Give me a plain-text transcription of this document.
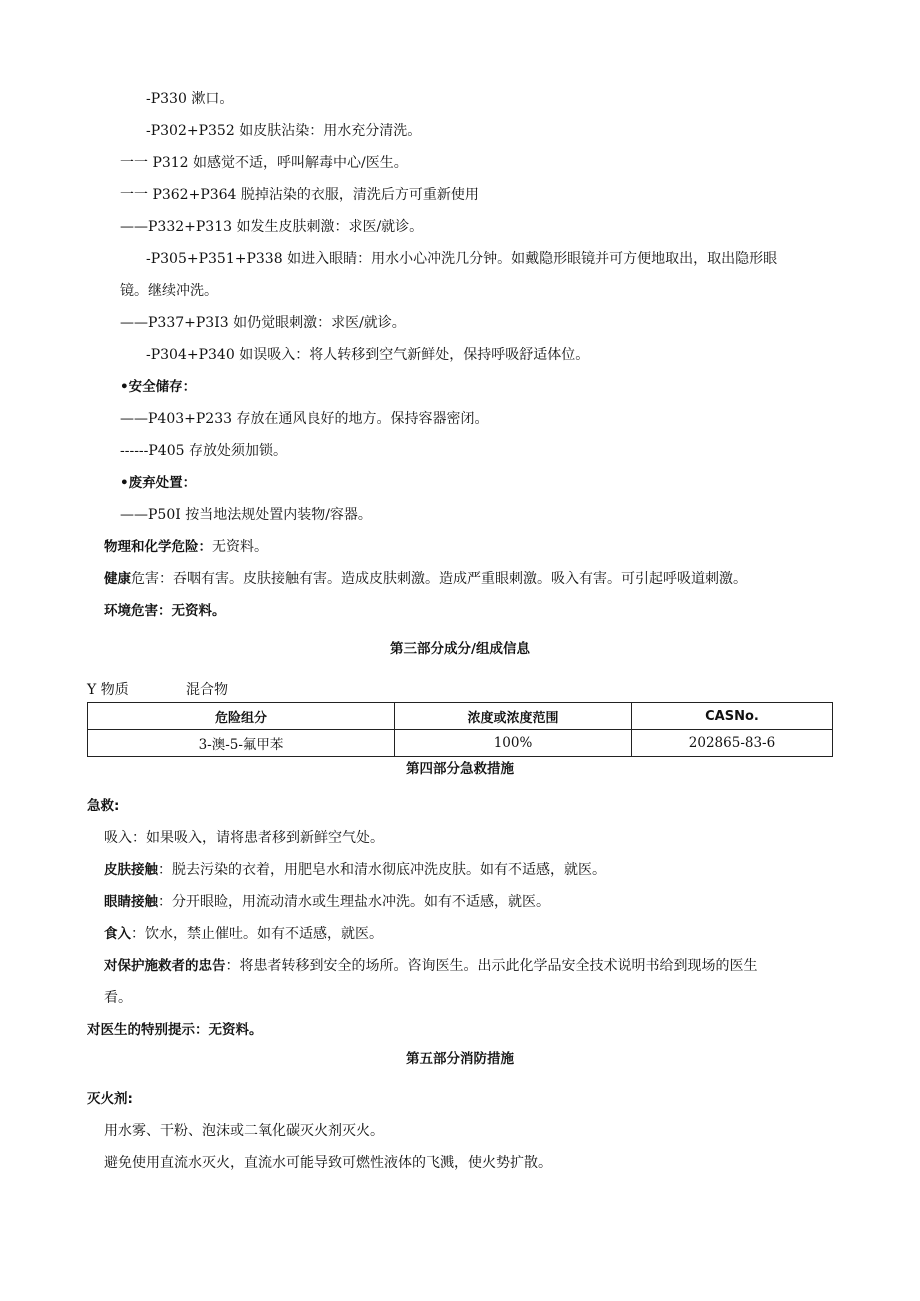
-P330 漱口。
-P302+P352 如皮肤沾染：用水充分清洗。
一一 P312 如感觉不适，呼叫解毒中心/医生。
一一 P362+P364 脱掉沾染的衣服，清洗后方可重新使用
——P332+P313 如发生皮肤刺激：求医/就诊。
-P305+P351+P338 如进入眼睛：用水小心冲洗几分钟。如戴隐形眼镜并可方便地取出，取出隐形眼
镜。继续冲洗。
——P337+P3I3 如仍觉眼刺激：求医/就诊。
-P304+P340 如误吸入：将人转移到空气新鲜处，保持呼吸舒适体位。
•安全储存：
——P403+P233 存放在通风良好的地方。保持容器密闭。
------P405 存放处须加锁。
•废弃处置：
——P50I 按当地法规处置内装物/容器。
物理和化学危险：无资料。
健康危害：吞咽有害。皮肤接触有害。造成皮肤刺激。造成严重眼刺激。吸入有害。可引起呼吸道刺激。
环境危害：无资料。
第三部分成分/组成信息
Y 物质	混合物
危险组分	浓度或浓度范围	CASNo.
3-澳-5-氟甲苯	100%	202865-83-6
第四部分急救措施
急救:
吸入：如果吸入，请将患者移到新鲜空气处。
皮肤接触：脱去污染的衣着，用肥皂水和清水彻底冲洗皮肤。如有不适感，就医。
眼睛接触：分开眼睑，用流动清水或生理盐水冲洗。如有不适感，就医。
食入：饮水，禁止催吐。如有不适感，就医。
对保护施救者的忠告：将患者转移到安全的场所。咨询医生。出示此化学品安全技术说明书给到现场的医生
看。
对医生的特别提示：无资料。
第五部分消防措施
灭火剂:
用水雾、干粉、泡沫或二氧化碳灭火剂灭火。
避免使用直流水灭火，直流水可能导致可燃性液体的飞溅，使火势扩散。
